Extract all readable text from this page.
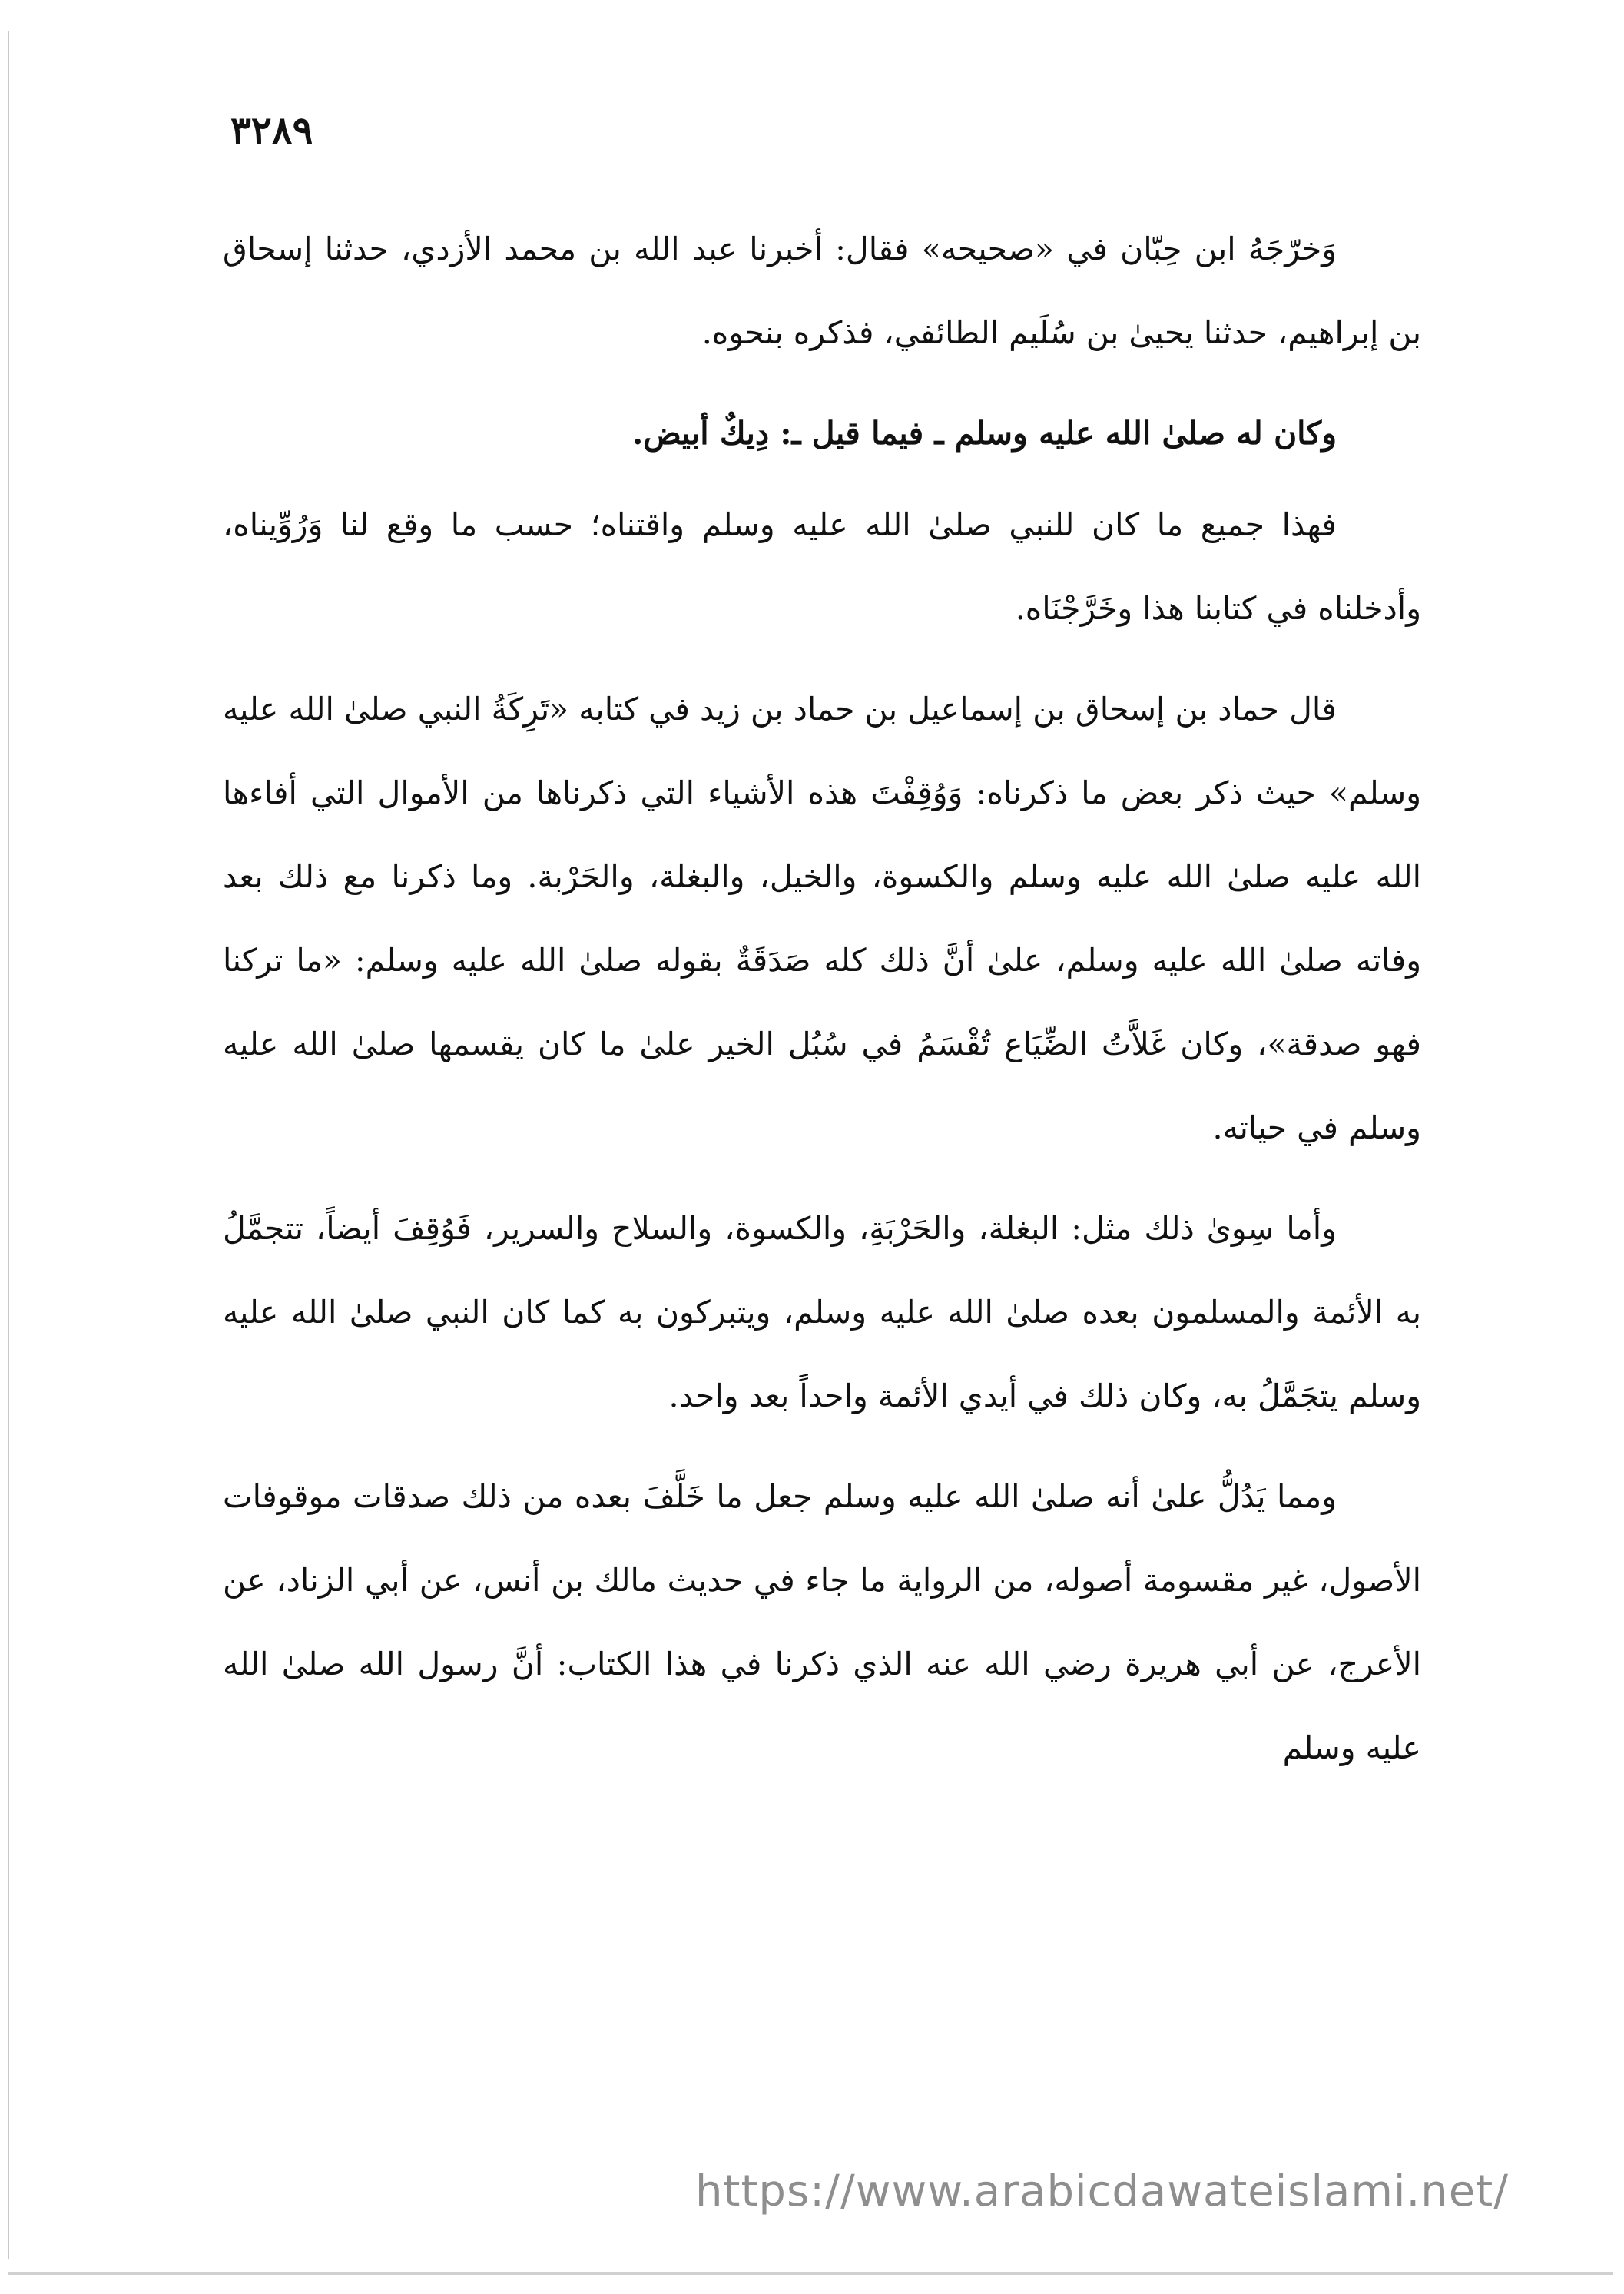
٣٢٨٩

وَخرّجَهُ ابن حِبّان في «صحيحه» فقال: أخبرنا عبد الله بن محمد الأزدي، حدثنا إسحاق بن إبراهيم، حدثنا يحيىٰ بن سُلَيم الطائفي، فذكره بنحوه.

وكان له صلىٰ الله عليه وسلم ـ فيما قيل ـ: دِيكٌ أبيض.

فهذا جميع ما كان للنبي صلىٰ الله عليه وسلم واقتناه؛ حسب ما وقع لنا وَرُوِّيناه، وأدخلناه في كتابنا هذا وخَرَّجْنَاه.

قال حماد بن إسحاق بن إسماعيل بن حماد بن زيد في كتابه «تَرِكَةُ النبي صلىٰ الله عليه وسلم» حيث ذكر بعض ما ذكرناه: وَوُقِفْتَ هذه الأشياء التي ذكرناها من الأموال التي أفاءها الله عليه صلىٰ الله عليه وسلم والكسوة، والخيل، والبغلة، والحَرْبة. وما ذكرنا مع ذلك بعد وفاته صلىٰ الله عليه وسلم، علىٰ أنَّ ذلك كله صَدَقَةٌ بقوله صلىٰ الله عليه وسلم: «ما تركنا فهو صدقة»، وكان غَلاَّتُ الضِّيَاع تُقْسَمُ في سُبُل الخير علىٰ ما كان يقسمها صلىٰ الله عليه وسلم في حياته.

وأما سِوىٰ ذلك مثل: البغلة، والحَرْبَةِ، والكسوة، والسلاح والسرير، فَوُقِفَ أيضاً، تتجمَّلُ به الأئمة والمسلمون بعده صلىٰ الله عليه وسلم، ويتبركون به كما كان النبي صلىٰ الله عليه وسلم يتجَمَّلُ به، وكان ذلك في أيدي الأئمة واحداً بعد واحد.

ومما يَدُلُّ علىٰ أنه صلىٰ الله عليه وسلم جعل ما خَلَّفَ بعده من ذلك صدقات موقوفات الأصول، غير مقسومة أصوله، من الرواية ما جاء في حديث مالك بن أنس، عن أبي الزناد، عن الأعرج، عن أبي هريرة رضي الله عنه الذي ذكرنا في هذا الكتاب: أنَّ رسول الله صلىٰ الله عليه وسلم

https://www.arabicdawateislami.net/
